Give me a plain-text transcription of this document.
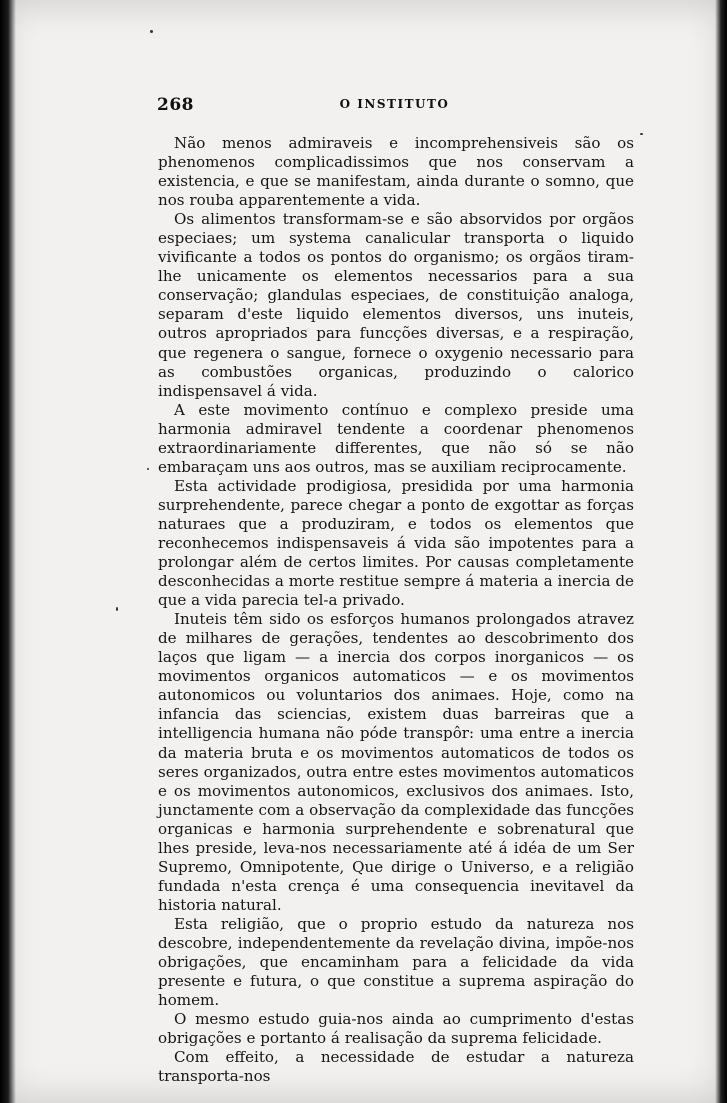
268	O INSTITUTO

Não menos admiraveis e incomprehensiveis são os phenomenos complicadissimos que nos conservam a existencia, e que se manifestam, ainda durante o somno, que nos rouba apparentemente a vida.

Os alimentos transformam-se e são absorvidos por orgãos especiaes; um systema canalicular transporta o liquido vivificante a todos os pontos do organismo; os orgãos tiram-lhe unicamente os elementos necessarios para a sua conservação; glandulas especiaes, de constituição analoga, separam d'este liquido elementos diversos, uns inuteis, outros apropriados para funcções diversas, e a respiração, que regenera o sangue, fornece o oxygenio necessario para as combustões organicas, produzindo o calorico indispensavel á vida.

A este movimento contínuo e complexo preside uma harmonia admiravel tendente a coordenar phenomenos extraordinariamente differentes, que não só se não embaraçam uns aos outros, mas se auxiliam reciprocamente.

Esta actividade prodigiosa, presidida por uma harmonia surprehendente, parece chegar a ponto de exgottar as forças naturaes que a produziram, e todos os elementos que reconhecemos indispensaveis á vida são impotentes para a prolongar além de certos limites. Por causas completamente desconhecidas a morte restitue sempre á materia a inercia de que a vida parecia tel-a privado.

Inuteis têm sido os esforços humanos prolongados atravez de milhares de gerações, tendentes ao descobrimento dos laços que ligam — a inercia dos corpos inorganicos — os movimentos organicos automaticos — e os movimentos autonomicos ou voluntarios dos animaes. Hoje, como na infancia das sciencias, existem duas barreiras que a intelligencia humana não póde transpôr: uma entre a inercia da materia bruta e os movimentos automaticos de todos os seres organizados, outra entre estes movimentos automaticos e os movimentos autonomicos, exclusivos dos animaes. Isto, junctamente com a observação da complexidade das funcções organicas e harmonia surprehendente e sobrenatural que lhes preside, leva-nos necessariamente até á idéa de um Ser Supremo, Omnipotente, Que dirige o Universo, e a religião fundada n'esta crença é uma consequencia inevitavel da historia natural.

Esta religião, que o proprio estudo da natureza nos descobre, independentemente da revelação divina, impõe-nos obrigações, que encaminham para a felicidade da vida presente e futura, o que constitue a suprema aspiração do homem.

O mesmo estudo guia-nos ainda ao cumprimento d'estas obrigações e portanto á realisação da suprema felicidade.

Com effeito, a necessidade de estudar a natureza transporta-nos
